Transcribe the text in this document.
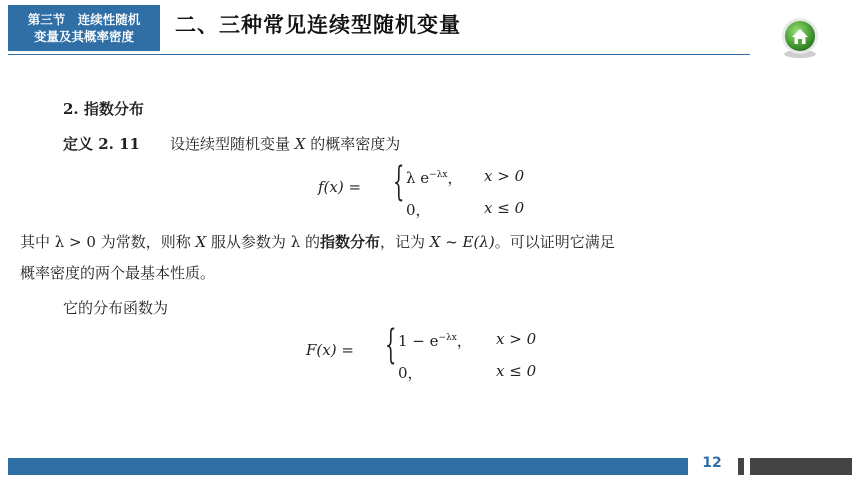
第三节　连续性随机
变量及其概率密度 二、三种常见连续型随机变量
2. 指数分布
定义 2. 11　　 设连续型随机变量 X 的概率密度为
f(x) = { λ $e^{-\lambda x}$， x > 0
0，	x ≤ 0
其中 λ > 0 为常数，则称 X 服从参数为 λ 的指数分布，记为 X ~ E(λ)。可以证明它满足
概率密度的两个最基本性质。
它的分布函数为
F(x) = { $1 - e^{-\lambda x}$， x > 0
0，	x ≤ 0
12
